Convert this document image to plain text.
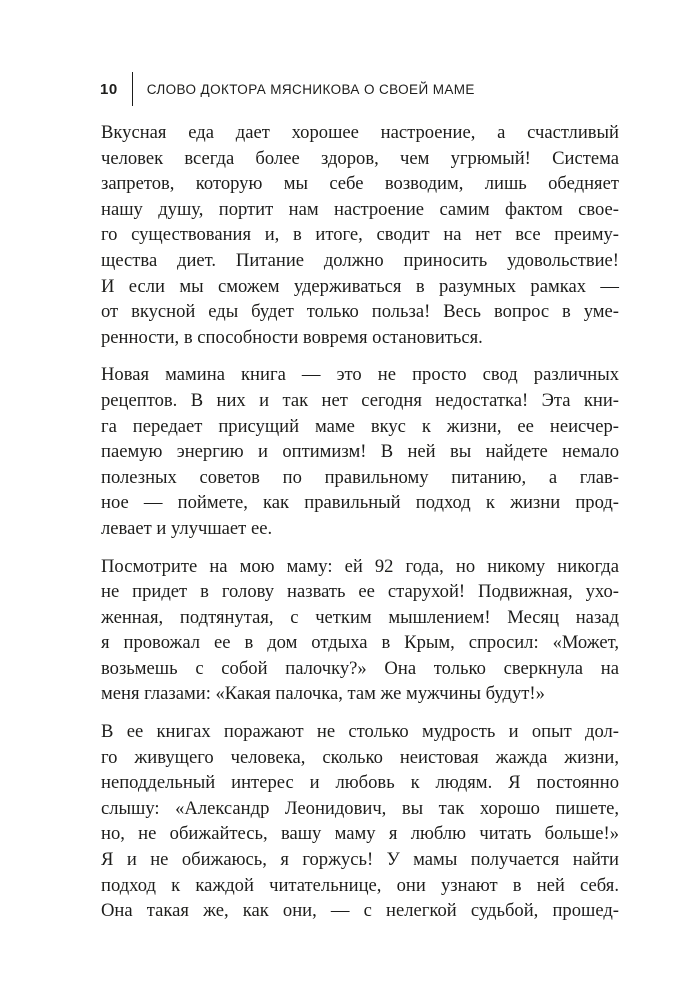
10 СЛОВО ДОКТОРА МЯСНИКОВА О СВОЕЙ МАМЕ

Вкусная еда дает хорошее настроение, а счастливый
человек всегда более здоров, чем угрюмый! Система
запретов, которую мы себе возводим, лишь обедняет
нашу душу, портит нам настроение самим фактом свое-
го существования и, в итоге, сводит на нет все преиму-
щества диет. Питание должно приносить удовольствие!
И если мы сможем удерживаться в разумных рамках —
от вкусной еды будет только польза! Весь вопрос в уме-
ренности, в способности вовремя остановиться.

Новая мамина книга — это не просто свод различных
рецептов. В них и так нет сегодня недостатка! Эта кни-
га передает присущий маме вкус к жизни, ее неисчер-
паемую энергию и оптимизм! В ней вы найдете немало
полезных советов по правильному питанию, а глав-
ное — поймете, как правильный подход к жизни прод-
левает и улучшает ее.

Посмотрите на мою маму: ей 92 года, но никому никогда
не придет в голову назвать ее старухой! Подвижная, ухо-
женная, подтянутая, с четким мышлением! Месяц назад
я провожал ее в дом отдыха в Крым, спросил: «Может,
возьмешь с собой палочку?» Она только сверкнула на
меня глазами: «Какая палочка, там же мужчины будут!»

В ее книгах поражают не столько мудрость и опыт дол-
го живущего человека, сколько неистовая жажда жизни,
неподдельный интерес и любовь к людям. Я постоянно
слышу: «Александр Леонидович, вы так хорошо пишете,
но, не обижайтесь, вашу маму я люблю читать больше!»
Я и не обижаюсь, я горжусь! У мамы получается найти
подход к каждой читательнице, они узнают в ней себя.
Она такая же, как они, — с нелегкой судьбой, прошед-
